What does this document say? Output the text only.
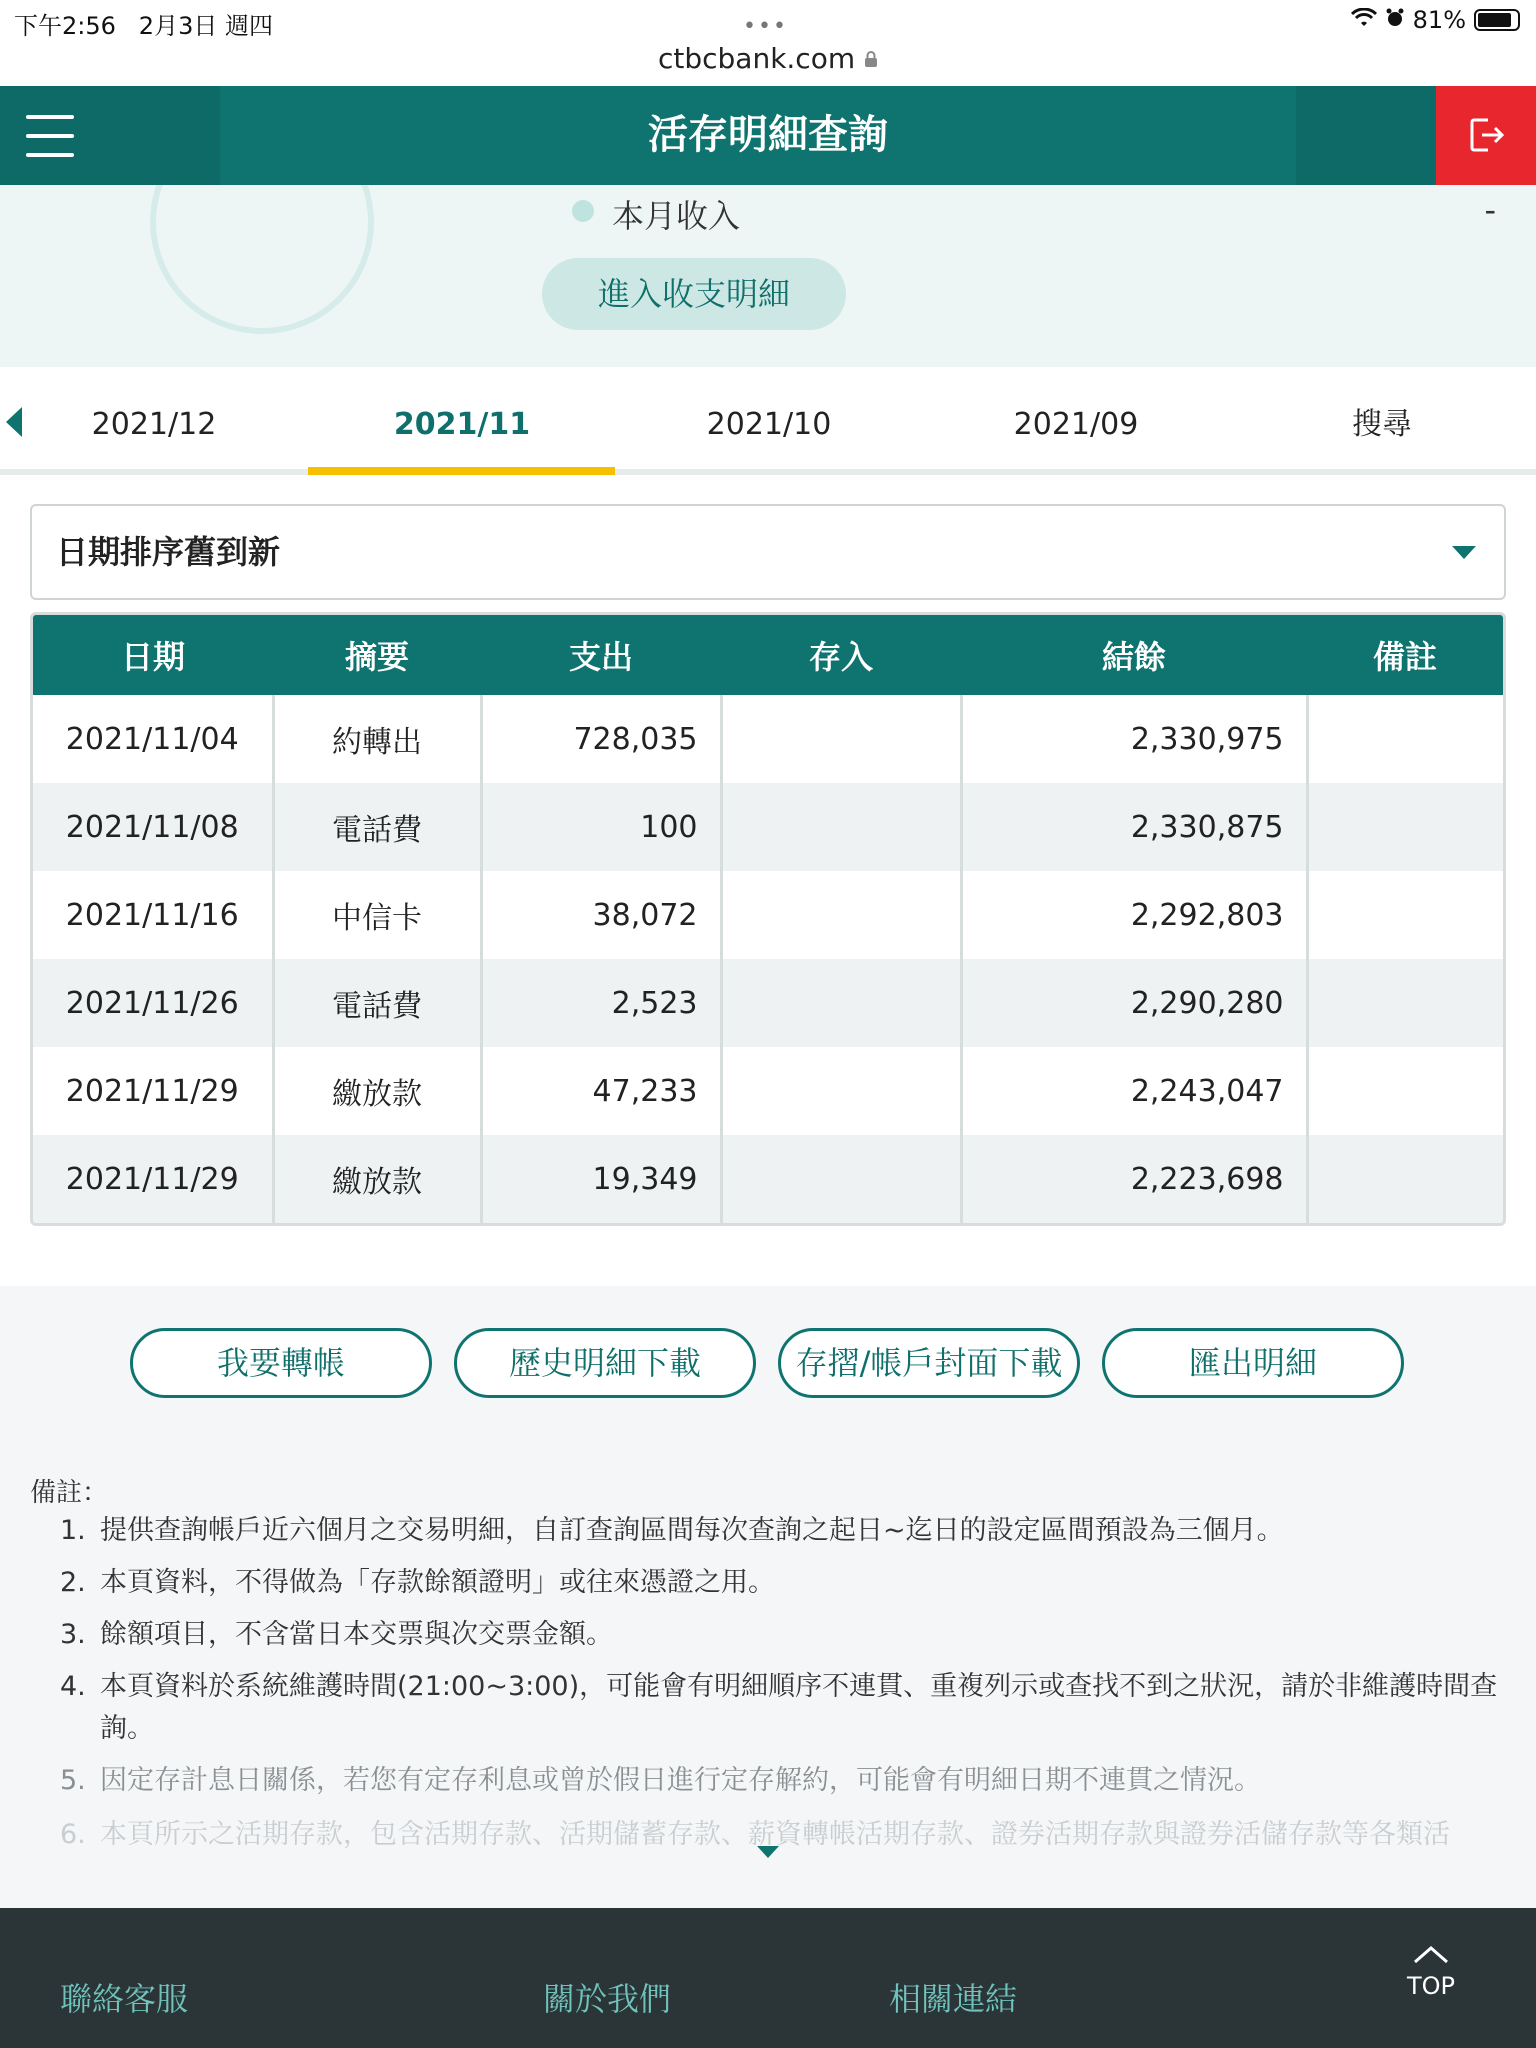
下午2:56 2月3日 週四	•••
ctbcbank.com
81%
活存明細查詢
本月收入	-
進入收支明細
2021/12	2021/11	2021/10	2021/09	搜尋
日期排序舊到新
日期	摘要	支出	存入	結餘	備註
2021/11/04	約轉出	728,035		2,330,975	
2021/11/08	電話費	100		2,330,875	
2021/11/16	中信卡	38,072		2,292,803	
2021/11/26	電話費	2,523		2,290,280	
2021/11/29	繳放款	47,233		2,243,047	
2021/11/29	繳放款	19,349		2,223,698	
我要轉帳	歷史明細下載	存摺/帳戶封面下載	匯出明細
備註：
1. 提供查詢帳戶近六個月之交易明細，自訂查詢區間每次查詢之起日~迄日的設定區間預設為三個月。
2. 本頁資料，不得做為「存款餘額證明」或往來憑證之用。
3. 餘額項目，不含當日本交票與次交票金額。
4. 本頁資料於系統維護時間(21:00~3:00)，可能會有明細順序不連貫、重複列示或查找不到之狀況，請於非維護時間查詢。
5. 因定存計息日關係，若您有定存利息或曾於假日進行定存解約，可能會有明細日期不連貫之情況。
6. 本頁所示之活期存款，包含活期存款、活期儲蓄存款、薪資轉帳活期存款、證券活期存款與證券活儲存款等各類活
聯絡客服	關於我們	相關連結	TOP
